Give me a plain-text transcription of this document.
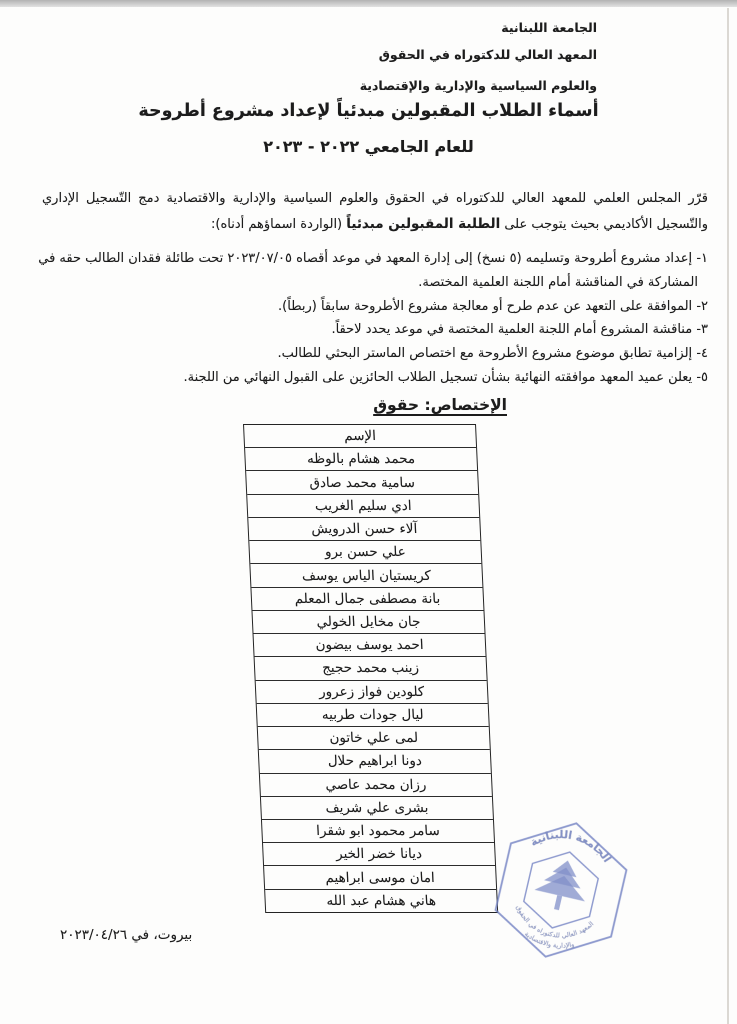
الجامعة اللبنانية
المعهد العالي للدكتوراه في الحقوق
والعلوم السياسية والإدارية والإقتصادية
أسماء الطلاب المقبولين مبدئياً لإعداد مشروع أطروحة
للعام الجامعي ٢٠٢٢ - ٢٠٢٣
قرّر المجلس العلمي للمعهد العالي للدكتوراه في الحقوق والعلوم السياسية والإدارية والاقتصادية دمج التّسجيل الإداري والتّسجيل الأكاديمي بحيث يتوجب على الطلبة المقبولين مبدئياً (الواردة اسماؤهم أدناه):
١- إعداد مشروع أطروحة وتسليمه (٥ نسخ) إلى إدارة المعهد في موعد أقصاه ٢٠٢٣/٠٧/٠٥ تحت طائلة فقدان الطالب حقه في المشاركة في المناقشة أمام اللجنة العلمية المختصة.
٢- الموافقة على التعهد عن عدم طرح أو معالجة مشروع الأطروحة سابقاً (ربطاً).
٣- مناقشة المشروع أمام اللجنة العلمية المختصة في موعد يحدد لاحقاً.
٤- إلزامية تطابق موضوع مشروع الأطروحة مع اختصاص الماستر البحثي للطالب.
٥- يعلن عميد المعهد موافقته النهائية بشأن تسجيل الطلاب الحائزين على القبول النهائي من اللجنة.
الإختصاص: حقوق
الإسم
محمد هشام بالوظه
سامية محمد صادق
ادي سليم الغريب
آلاء حسن الدرويش
علي حسن برو
كريستيان الياس يوسف
بانة مصطفى جمال المعلم
جان مخايل الخولي
احمد يوسف بيضون
زينب محمد حجيج
كلودين فواز زعرور
ليال جودات طربيه
لمى علي خاتون
دونا ابراهيم حلال
رزان محمد عاصي
بشرى علي شريف
سامر محمود ابو شقرا
ديانا خضر الخير
امان موسى ابراهيم
هاني هشام عبد الله
بيروت، في ٢٠٢٣/٠٤/٢٦
الجامعة اللبنانية
المعهد العالي للدكتوراه في الحقوق
والإدارية والاقتصادية
